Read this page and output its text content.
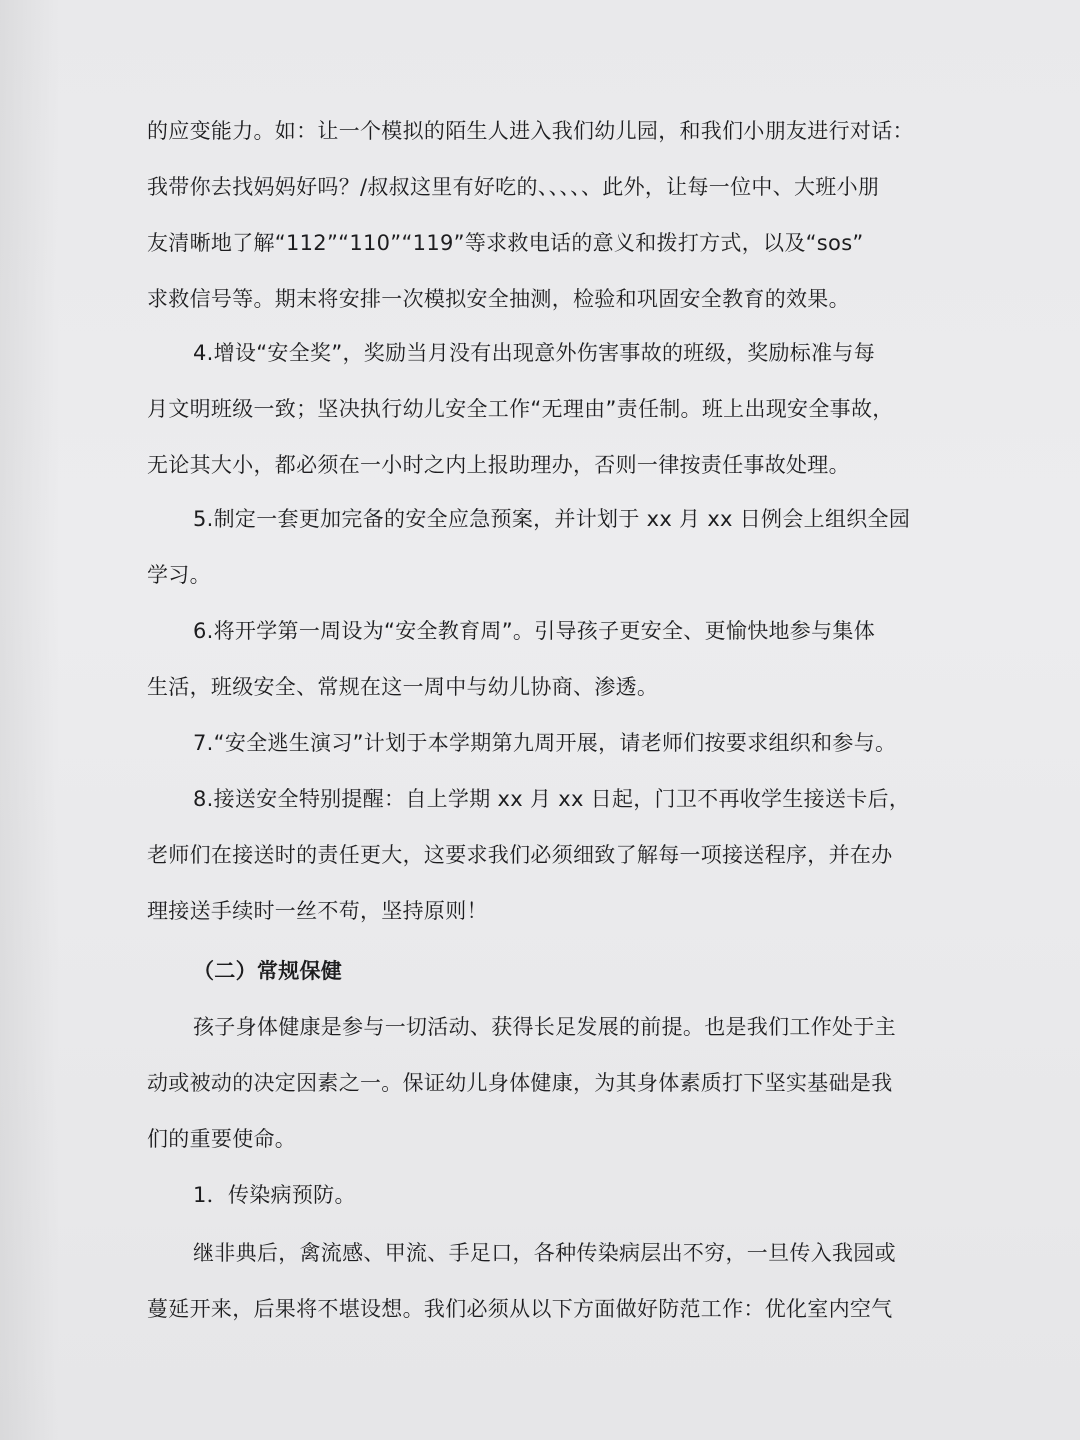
的应变能力。如：让一个模拟的陌生人进入我们幼儿园，和我们小朋友进行对话：
我带你去找妈妈好吗？/叔叔这里有好吃的、、、、、此外，让每一位中、大班小朋
友清晰地了解“112”“110”“119”等求救电话的意义和拨打方式，以及“sos”
求救信号等。期末将安排一次模拟安全抽测，检验和巩固安全教育的效果。
4.增设“安全奖”，奖励当月没有出现意外伤害事故的班级，奖励标准与每
月文明班级一致；坚决执行幼儿安全工作“无理由”责任制。班上出现安全事故，
无论其大小，都必须在一小时之内上报助理办，否则一律按责任事故处理。
5.制定一套更加完备的安全应急预案，并计划于 xx 月 xx 日例会上组织全园
学习。
6.将开学第一周设为“安全教育周”。引导孩子更安全、更愉快地参与集体
生活，班级安全、常规在这一周中与幼儿协商、渗透。
7.“安全逃生演习”计划于本学期第九周开展，请老师们按要求组织和参与。
8.接送安全特别提醒：自上学期 xx 月 xx 日起，门卫不再收学生接送卡后，
老师们在接送时的责任更大，这要求我们必须细致了解每一项接送程序，并在办
理接送手续时一丝不苟，坚持原则！
（二）常规保健
孩子身体健康是参与一切活动、获得长足发展的前提。也是我们工作处于主
动或被动的决定因素之一。保证幼儿身体健康，为其身体素质打下坚实基础是我
们的重要使命。
1．传染病预防。
继非典后，禽流感、甲流、手足口，各种传染病层出不穷，一旦传入我园或
蔓延开来，后果将不堪设想。我们必须从以下方面做好防范工作：优化室内空气
